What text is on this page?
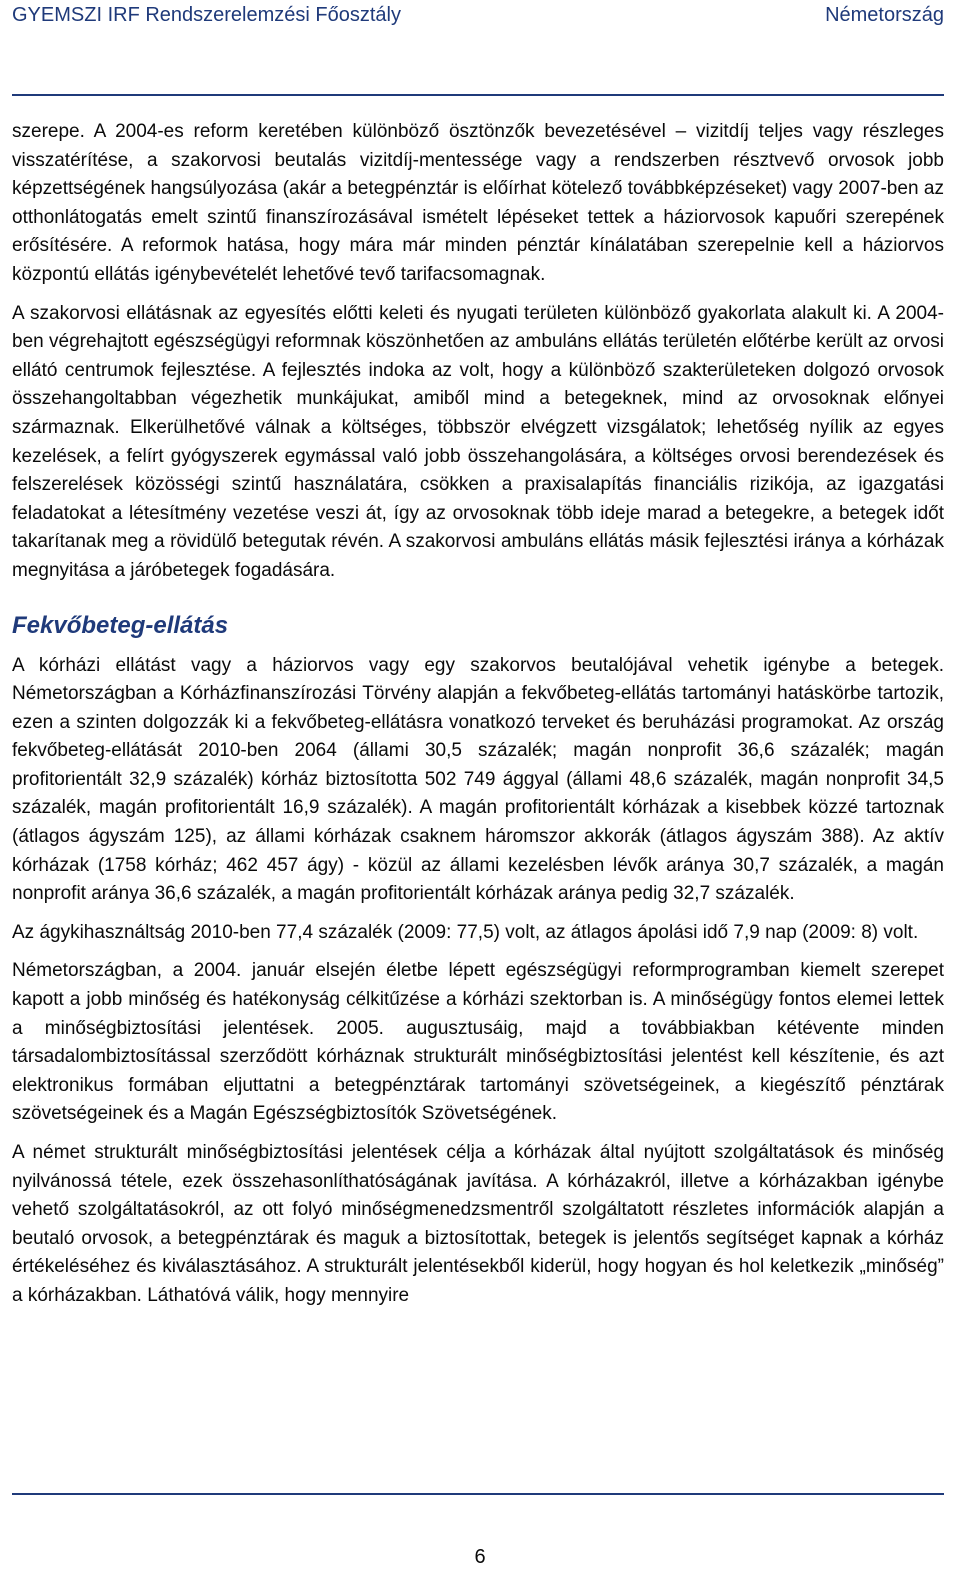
GYEMSZI IRF Rendszerelemzési Főosztály	Németország

szerepe. A 2004-es reform keretében különböző ösztönzők bevezetésével – vizitdíj teljes vagy részleges visszatérítése, a szakorvosi beutalás vizitdíj-mentessége vagy a rendszerben résztvevő orvosok jobb képzettségének hangsúlyozása (akár a betegpénztár is előírhat kötelező továbbképzéseket) vagy 2007-ben az otthonlátogatás emelt szintű finanszírozásával ismételt lépéseket tettek a háziorvosok kapuőri szerepének erősítésére. A reformok hatása, hogy mára már minden pénztár kínálatában szerepelnie kell a háziorvos központú ellátás igénybevételét lehetővé tevő tarifacsomagnak.

A szakorvosi ellátásnak az egyesítés előtti keleti és nyugati területen különböző gyakorlata alakult ki. A 2004-ben végrehajtott egészségügyi reformnak köszönhetően az ambuláns ellátás területén előtérbe került az orvosi ellátó centrumok fejlesztése. A fejlesztés indoka az volt, hogy a különböző szakterületeken dolgozó orvosok összehangoltabban végezhetik munkájukat, amiből mind a betegeknek, mind az orvosoknak előnyei származnak. Elkerülhetővé válnak a költséges, többször elvégzett vizsgálatok; lehetőség nyílik az egyes kezelések, a felírt gyógyszerek egymással való jobb összehangolására, a költséges orvosi berendezések és felszerelések közösségi szintű használatára, csökken a praxisalapítás financiális rizikója, az igazgatási feladatokat a létesítmény vezetése veszi át, így az orvosoknak több ideje marad a betegekre, a betegek időt takarítanak meg a rövidülő betegutak révén. A szakorvosi ambuláns ellátás másik fejlesztési iránya a kórházak megnyitása a járóbetegek fogadására.

Fekvőbeteg-ellátás

A kórházi ellátást vagy a háziorvos vagy egy szakorvos beutalójával vehetik igénybe a betegek. Németországban a Kórházfinanszírozási Törvény alapján a fekvőbeteg-ellátás tartományi hatáskörbe tartozik, ezen a szinten dolgozzák ki a fekvőbeteg-ellátásra vonatkozó terveket és beruházási programokat. Az ország fekvőbeteg-ellátását 2010-ben 2064 (állami 30,5 százalék; magán nonprofit 36,6 százalék; magán profitorientált 32,9 százalék) kórház biztosította 502 749 ággyal (állami 48,6 százalék, magán nonprofit 34,5 százalék, magán profitorientált 16,9 százalék). A magán profitorientált kórházak a kisebbek közzé tartoznak (átlagos ágyszám 125), az állami kórházak csaknem háromszor akkorák (átlagos ágyszám 388). Az aktív kórházak (1758 kórház; 462 457 ágy) - közül az állami kezelésben lévők aránya 30,7 százalék, a magán nonprofit aránya 36,6 százalék, a magán profitorientált kórházak aránya pedig 32,7 százalék.

Az ágykihasználtság 2010-ben 77,4 százalék (2009: 77,5) volt, az átlagos ápolási idő 7,9 nap (2009: 8) volt.

Németországban, a 2004. január elsején életbe lépett egészségügyi reformprogramban kiemelt szerepet kapott a jobb minőség és hatékonyság célkitűzése a kórházi szektorban is. A minőségügy fontos elemei lettek a minőségbiztosítási jelentések. 2005. augusztusáig, majd a továbbiakban kétévente minden társadalombiztosítással szerződött kórháznak strukturált minőségbiztosítási jelentést kell készítenie, és azt elektronikus formában eljuttatni a betegpénztárak tartományi szövetségeinek, a kiegészítő pénztárak szövetségeinek és a Magán Egészségbiztosítók Szövetségének.

A német strukturált minőségbiztosítási jelentések célja a kórházak által nyújtott szolgáltatások és minőség nyilvánossá tétele, ezek összehasonlíthatóságának javítása. A kórházakról, illetve a kórházakban igénybe vehető szolgáltatásokról, az ott folyó minőségmenedzsmentről szolgáltatott részletes információk alapján a beutaló orvosok, a betegpénztárak és maguk a biztosítottak, betegek is jelentős segítséget kapnak a kórház értékeléséhez és kiválasztásához. A strukturált jelentésekből kiderül, hogy hogyan és hol keletkezik „minőség” a kórházakban. Láthatóvá válik, hogy mennyire

6
